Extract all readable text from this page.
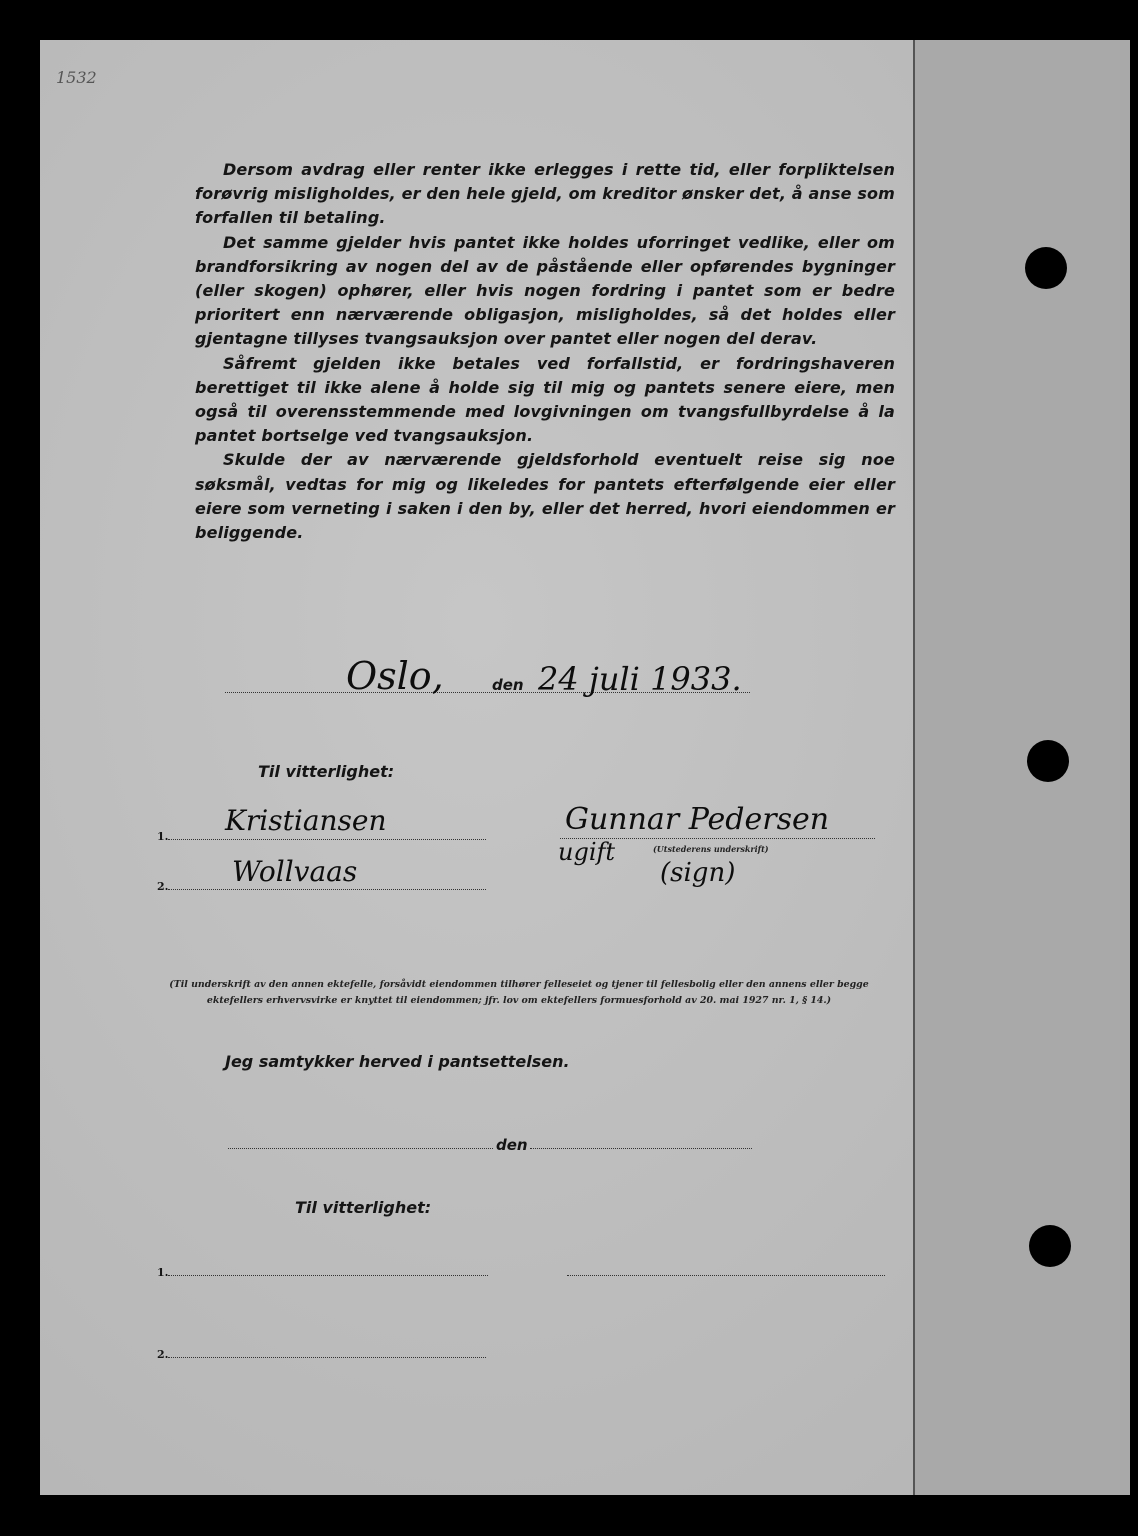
1532

Dersom avdrag eller renter ikke erlegges i rette tid, eller forpliktelsen forøvrig misligholdes, er den hele gjeld, om kreditor ønsker det, å anse som forfallen til betaling.

Det samme gjelder hvis pantet ikke holdes uforringet vedlike, eller om brandforsikring av nogen del av de påstående eller opførendes bygninger (eller skogen) ophører, eller hvis nogen fordring i pantet som er bedre prioritert enn nærværende obligasjon, misligholdes, så det holdes eller gjentagne tillyses tvangsauksjon over pantet eller nogen del derav.

Såfremt gjelden ikke betales ved forfallstid, er fordringshaveren berettiget til ikke alene å holde sig til mig og pantets senere eiere, men også til overensstemmende med lovgivningen om tvangsfullbyrdelse å la pantet bortselge ved tvangsauksjon.

Skulde der av nærværende gjeldsforhold eventuelt reise sig noe søksmål, vedtas for mig og likeledes for pantets efterfølgende eier eller eiere som verneting i saken i den by, eller det herred, hvori eiendommen er beliggende.

Oslo,	den 24 juli 1933.
Til vitterlighet:
1. Kristiansen
2. Wollvaas
Gunnar Pedersen
ugift	(Utstederens underskrift)
(sign)
(Til underskrift av den annen ektefelle, forsåvidt eiendommen tilhører felleseiet og tjener til fellesbolig eller den annens eller begge ektefellers erhvervsvirke er knyttet til eiendommen; jfr. lov om ektefellers formuesforhold av 20. mai 1927 nr. 1, § 14.)
Jeg samtykker herved i pantsettelsen.
den
Til vitterlighet:
1.
2.
